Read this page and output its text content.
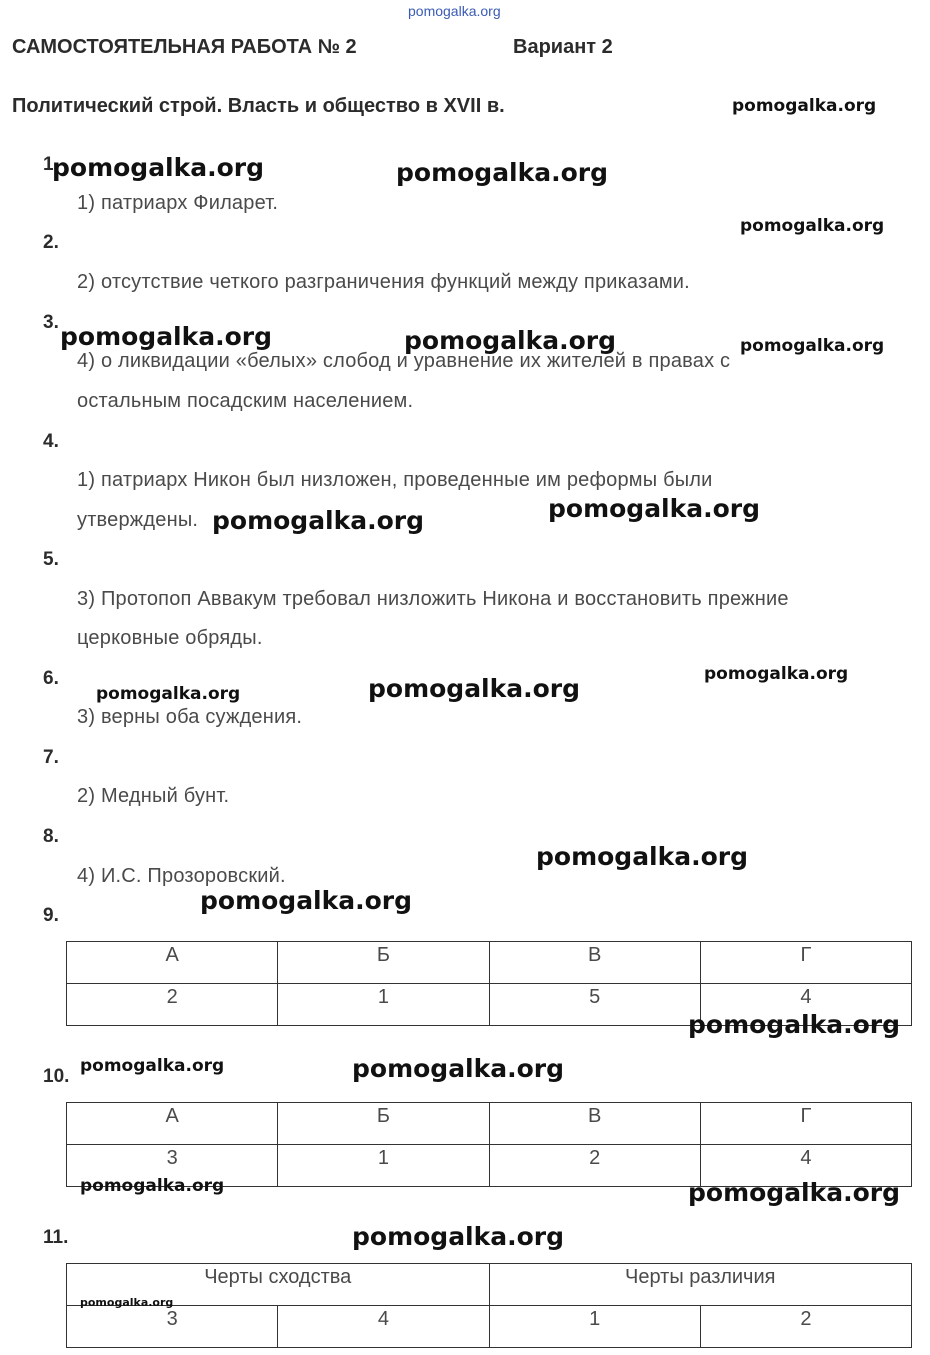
pomogalka.org
САМОСТОЯТЕЛЬНАЯ РАБОТА № 2	Вариант 2
Политический строй. Власть и общество в XVII в.
1
2.
3.
4.
5.
6.
7.
8.
9.
10.
11.
1) патриарх Филарет.
2) отсутствие четкого разграничения функций между приказами.
4) о ликвидации «белых» слобод и уравнение их жителей в правах с
остальным посадским населением.
1) патриарх Никон был низложен, проведенные им реформы были
утверждены.
3) Протопоп Аввакум требовал низложить Никона и восстановить прежние
церковные обряды.
3) верны оба суждения.
2) Медный бунт.
4) И.С. Прозоровский.
А	Б	В	Г
2	1	5	4
А	Б	В	Г
3	1	2	4
Черты сходства		Черты различия	
3	4	1	2
pomogalka.org
pomogalka.org	pomogalka.org
pomogalka.org
pomogalka.org	pomogalka.org	pomogalka.org
pomogalka.org	pomogalka.org
pomogalka.org
pomogalka.org	pomogalka.org
pomogalka.org
pomogalka.org
pomogalka.org
pomogalka.org	pomogalka.org
pomogalka.org	pomogalka.org
pomogalka.org
pomogalka.org
